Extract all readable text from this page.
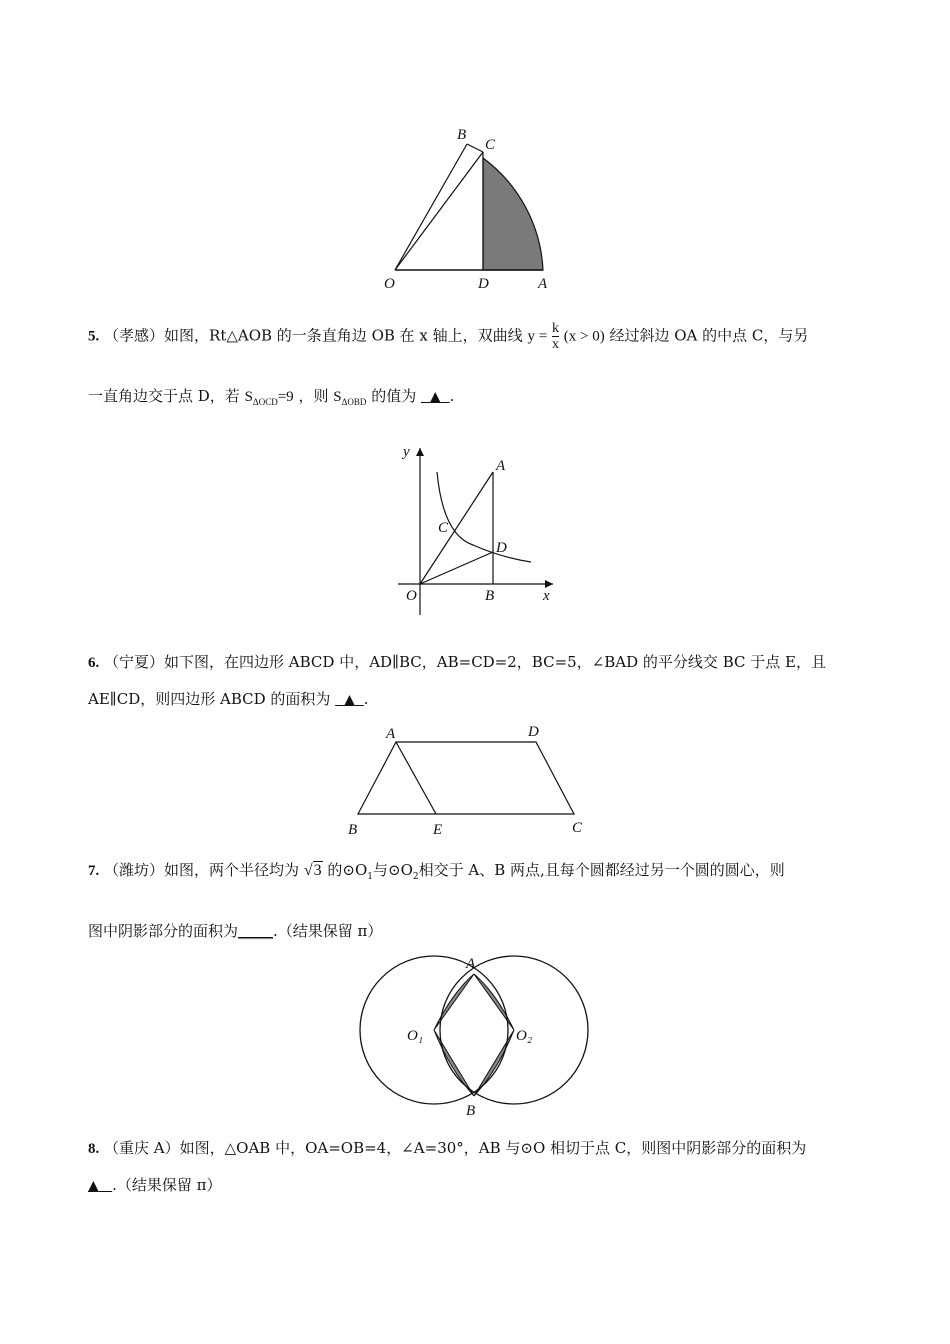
B
C
O	D	A
5. （孝感）如图，Rt△AOB 的一条直角边 OB 在 x 轴上，双曲线 $y = \frac{k}{x} (x > 0)$ 经过斜边 OA 的中点 C，与另
一直角边交于点 D，若 $S_{\Delta OCD}=9$ ，则 $S_{\Delta OBD}$ 的值为 ▲ .
y
A
C
D
O	B	x
6. （宁夏）如下图，在四边形 ABCD 中，AD∥BC，AB=CD=2，BC=5，∠BAD 的平分线交 BC 于点 E，且
AE∥CD，则四边形 ABCD 的面积为 ▲ .
A	D
B	E	C
7. （潍坊）如图，两个半径均为 √3 的$⊙O_1$与$⊙O_2$相交于 A、B 两点,且每个圆都经过另一个圆的圆心，则
图中阴影部分的面积为_____.（结果保留 π）
A
B
O₁	O₂
8. （重庆 A）如图，△OAB 中，OA=OB=4，∠A=30°，AB 与⊙O 相切于点 C，则图中阴影部分的面积为
▲ .（结果保留 π）
